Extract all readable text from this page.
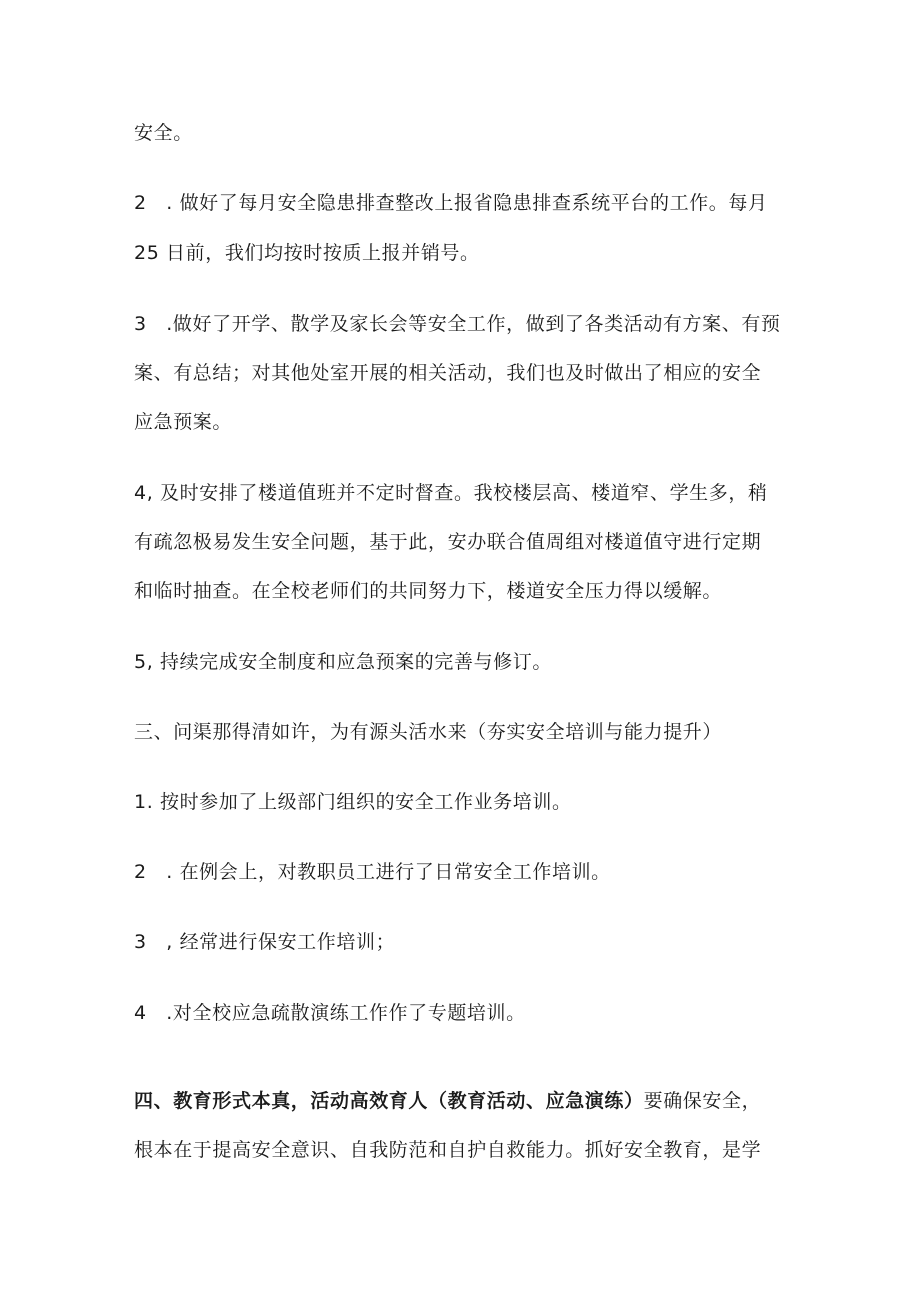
安全。

2　. 做好了每月安全隐患排查整改上报省隐患排查系统平台的工作。每月

25 日前，我们均按时按质上报并销号。

3　.做好了开学、散学及家长会等安全工作，做到了各类活动有方案、有预

案、有总结；对其他处室开展的相关活动，我们也及时做出了相应的安全

应急预案。

4, 及时安排了楼道值班并不定时督查。我校楼层高、楼道窄、学生多，稍

有疏忽极易发生安全问题，基于此，安办联合值周组对楼道值守进行定期

和临时抽查。在全校老师们的共同努力下，楼道安全压力得以缓解。

5, 持续完成安全制度和应急预案的完善与修订。

三、问渠那得清如许，为有源头活水来（夯实安全培训与能力提升）

1. 按时参加了上级部门组织的安全工作业务培训。

2　. 在例会上，对教职员工进行了日常安全工作培训。

3　, 经常进行保安工作培训；

4　.对全校应急疏散演练工作作了专题培训。

四、教育形式本真，活动高效育人（教育活动、应急演练）要确保安全，

根本在于提高安全意识、自我防范和自护自救能力。抓好安全教育，是学
